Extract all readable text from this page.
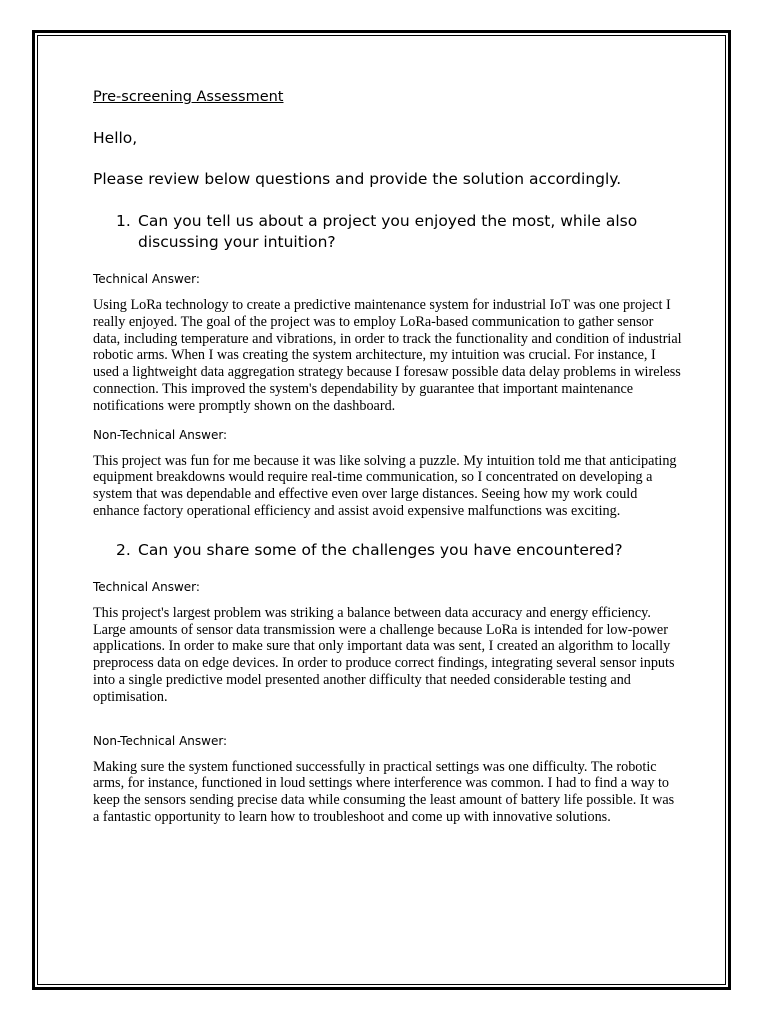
Pre-screening Assessment

Hello,

Please review below questions and provide the solution accordingly.

1. Can you tell us about a project you enjoyed the most, while also discussing your intuition?

Technical Answer:

Using LoRa technology to create a predictive maintenance system for industrial IoT was one project I really enjoyed. The goal of the project was to employ LoRa-based communication to gather sensor data, including temperature and vibrations, in order to track the functionality and condition of industrial robotic arms. When I was creating the system architecture, my intuition was crucial. For instance, I used a lightweight data aggregation strategy because I foresaw possible data delay problems in wireless connection. This improved the system's dependability by guarantee that important maintenance notifications were promptly shown on the dashboard.

Non-Technical Answer:

This project was fun for me because it was like solving a puzzle. My intuition told me that anticipating equipment breakdowns would require real-time communication, so I concentrated on developing a system that was dependable and effective even over large distances. Seeing how my work could enhance factory operational efficiency and assist avoid expensive malfunctions was exciting.

2. Can you share some of the challenges you have encountered?

Technical Answer:

This project's largest problem was striking a balance between data accuracy and energy efficiency. Large amounts of sensor data transmission were a challenge because LoRa is intended for low-power applications. In order to make sure that only important data was sent, I created an algorithm to locally preprocess data on edge devices. In order to produce correct findings, integrating several sensor inputs into a single predictive model presented another difficulty that needed considerable testing and optimisation.

Non-Technical Answer:

Making sure the system functioned successfully in practical settings was one difficulty. The robotic arms, for instance, functioned in loud settings where interference was common. I had to find a way to keep the sensors sending precise data while consuming the least amount of battery life possible. It was a fantastic opportunity to learn how to troubleshoot and come up with innovative solutions.
